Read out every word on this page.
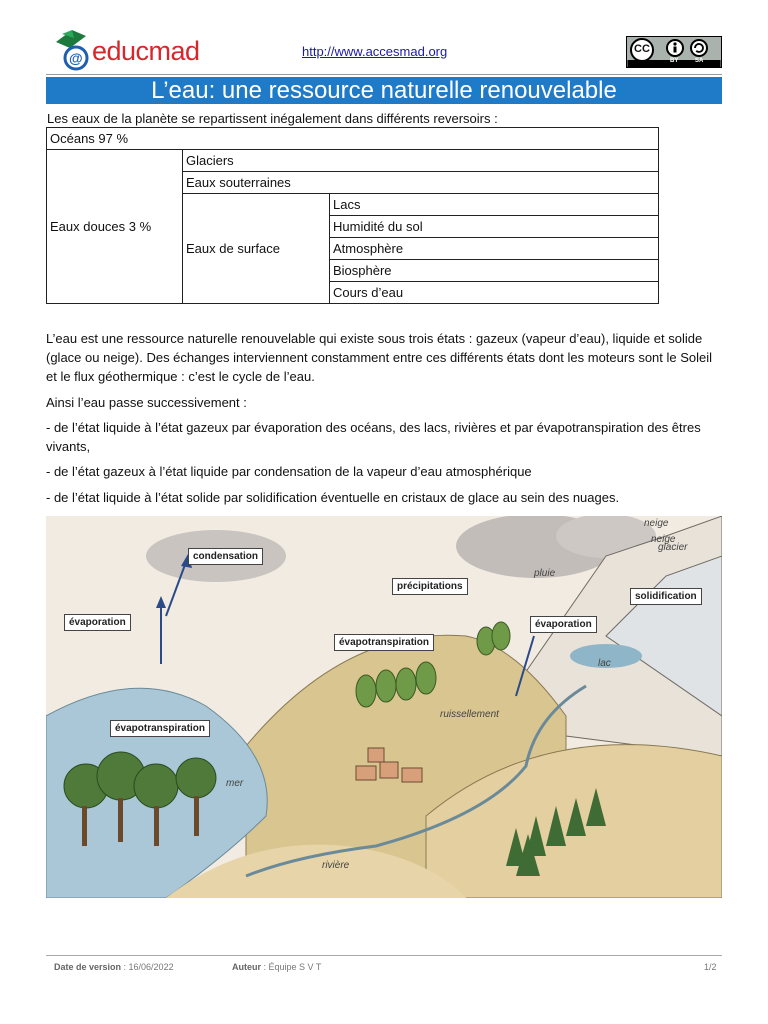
@ educmad	http://www.accesmad.org	CC
BY	SA
L’eau: une ressource naturelle renouvelable
Les eaux de la planète se repartissent inégalement dans différents reversoirs :
Océans 97 %		
Eaux douces 3 %	Glaciers	
	Eaux souterraines	
	Eaux de surface	Lacs
		Humidité du sol
		Atmosphère
		Biosphère
		Cours d’eau
L’eau est une ressource naturelle renouvelable qui existe sous trois états : gazeux (vapeur d’eau), liquide et solide (glace ou neige). Des échanges interviennent constamment entre ces différents états dont les moteurs sont le Soleil et le flux géothermique : c’est le cycle de l’eau.
Ainsi l’eau passe successivement :
- de l’état liquide à l’état gazeux par évaporation des océans, des lacs, rivières et par évapotranspiration des êtres vivants,
- de l’état gazeux à l’état liquide par condensation de la vapeur d’eau atmosphérique
- de l’état liquide à l’état solide par solidification éventuelle en cristaux de glace au sein des nuages.
condensation
évaporation
précipitations
évapotranspiration
évaporation
solidification
évapotranspiration
neige
neige
glacier
pluie
lac
ruissellement
mer
rivière
Date de version : 16/06/2022	Auteur : Équipe S V T	1/2
